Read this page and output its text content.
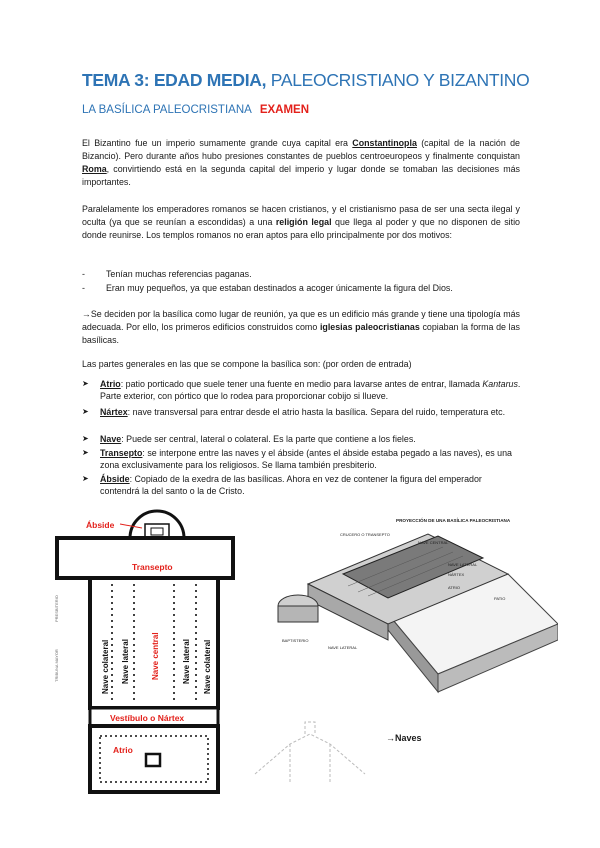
TEMA 3: EDAD MEDIA, PALEOCRISTIANO Y BIZANTINO
LA BASÍLICA PALEOCRISTIANA EXAMEN
El Bizantino fue un imperio sumamente grande cuya capital era Constantinopla (capital de la nación de Bizancio). Pero durante años hubo presiones constantes de pueblos centroeuropeos y finalmente conquistan Roma, convirtiendo está en la segunda capital del imperio y lugar donde se tomaban las decisiones más importantes.
Paralelamente los emperadores romanos se hacen cristianos, y el cristianismo pasa de ser una secta ilegal y oculta (ya que se reunían a escondidas) a una religión legal que llega al poder y que no disponen de sitio donde reunirse. Los templos romanos no eran aptos para ello principalmente por dos motivos:
- Tenían muchas referencias paganas.
- Eran muy pequeños, ya que estaban destinados a acoger únicamente la figura del Dios.
→Se deciden por la basílica como lugar de reunión, ya que es un edificio más grande y tiene una tipología más adecuada. Por ello, los primeros edificios construidos como iglesias paleocristianas copiaban la forma de las basílicas.
Las partes generales en las que se compone la basílica son: (por orden de entrada)
➤ Atrio: patio porticado que suele tener una fuente en medio para lavarse antes de entrar, llamada Kantarus. Parte exterior, con pórtico que lo rodea para proporcionar cobijo si llueve.
➤ Nártex: nave transversal para entrar desde el atrio hasta la basílica. Separa del ruido, temperatura etc.
➤ Nave: Puede ser central, lateral o colateral. Es la parte que contiene a los fieles.
➤ Transepto: se interpone entre las naves y el ábside (antes el ábside estaba pegado a las naves), es una zona exclusivamente para los religiosos. Se llama también presbiterio.
➤ Ábside: Copiado de la exedra de las basílicas. Ahora en vez de contener la figura del emperador contendrá la del santo o la de Cristo.
PRESBITERIO
TRIBUNA MAYOR
Ábside
Transepto
Nave colateral Nave lateral	Nave central	Nave lateral Nave colateral
Vestíbulo o Nártex
Atrio
PROYECCIÓN DE UNA BASÍLICA PALEOCRISTIANA
CRUCERO O TRANSEPTO
NAVE CENTRAL
NAVE LATERAL
NÁRTEX
ATRIO
PATIO
BAPTISTERIO
NAVE LATERAL
→Naves
